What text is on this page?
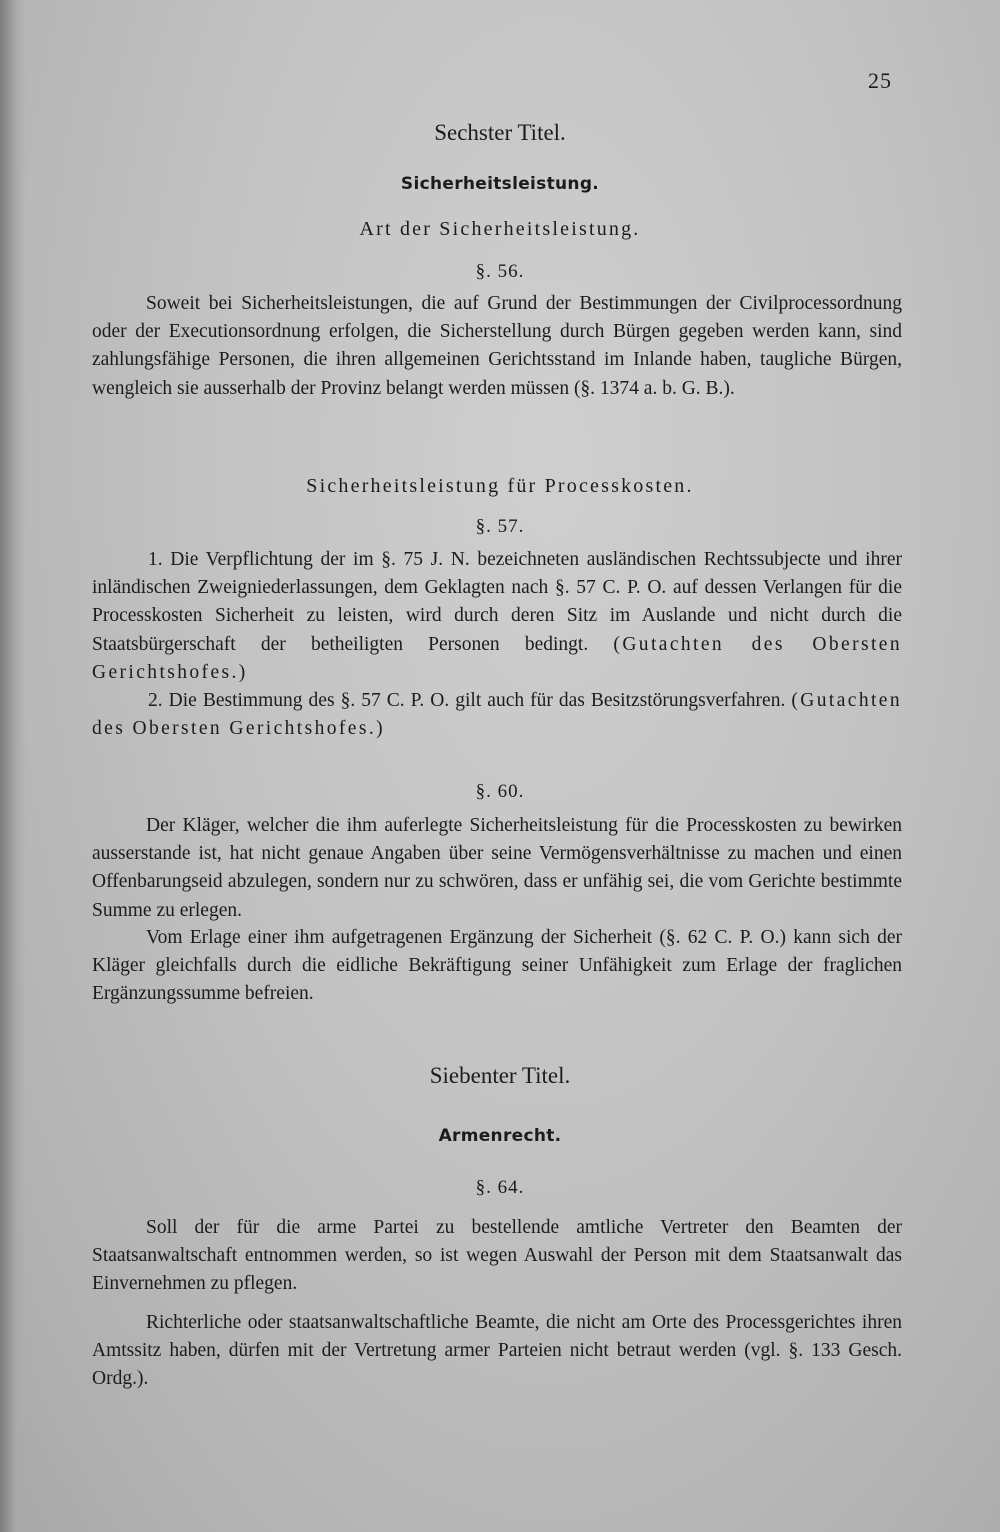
25
Sechster Titel.
Sicherheitsleistung.
Art der Sicherheitsleistung.
§. 56.

Soweit bei Sicherheitsleistungen, die auf Grund der Bestimmungen der Civilprocessordnung oder der Executionsordnung erfolgen, die Sicherstellung durch Bürgen gegeben werden kann, sind zahlungsfähige Personen, die ihren allgemeinen Gerichtsstand im Inlande haben, taugliche Bürgen, wengleich sie ausserhalb der Provinz belangt werden müssen (§. 1374 a. b. G. B.).

Sicherheitsleistung für Processkosten.
§. 57.

1. Die Verpflichtung der im §. 75 J. N. bezeichneten ausländischen Rechtssubjecte und ihrer inländischen Zweigniederlassungen, dem Geklagten nach §. 57 C. P. O. auf dessen Verlangen für die Processkosten Sicherheit zu leisten, wird durch deren Sitz im Auslande und nicht durch die Staatsbürgerschaft der betheiligten Personen bedingt. (Gutachten des Obersten Gerichtshofes.)

2. Die Bestimmung des §. 57 C. P. O. gilt auch für das Besitzstörungsverfahren. (Gutachten des Obersten Gerichtshofes.)

§. 60.

Der Kläger, welcher die ihm auferlegte Sicherheitsleistung für die Processkosten zu bewirken ausserstande ist, hat nicht genaue Angaben über seine Vermögensverhältnisse zu machen und einen Offenbarungseid abzulegen, sondern nur zu schwören, dass er unfähig sei, die vom Gerichte bestimmte Summe zu erlegen.

Vom Erlage einer ihm aufgetragenen Ergänzung der Sicherheit (§. 62 C. P. O.) kann sich der Kläger gleichfalls durch die eidliche Bekräftigung seiner Unfähigkeit zum Erlage der fraglichen Ergänzungssumme befreien.

Siebenter Titel.
Armenrecht.
§. 64.

Soll der für die arme Partei zu bestellende amtliche Vertreter den Beamten der Staatsanwaltschaft entnommen werden, so ist wegen Auswahl der Person mit dem Staatsanwalt das Einvernehmen zu pflegen.

Richterliche oder staatsanwaltschaftliche Beamte, die nicht am Orte des Processgerichtes ihren Amtssitz haben, dürfen mit der Vertretung armer Parteien nicht betraut werden (vgl. §. 133 Gesch. Ordg.).
